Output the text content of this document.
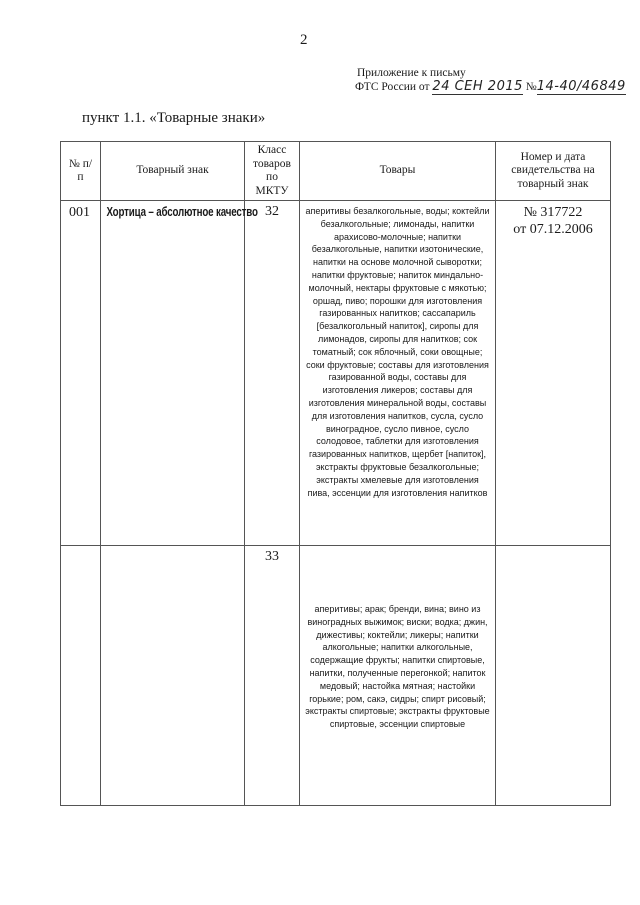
2
Приложение к письму
ФТС России от 24 СЕН 2015 №14-40/46849
пункт 1.1. «Товарные знаки»
№ п/п	Товарный знак	Класс товаров по МКТУ	Товары	Номер и дата свидетельства на товарный знак
001	Хортица – абсолютное качество	32	аперитивы безалкогольные, воды; коктейли безалкогольные; лимонады, напитки арахисово-молочные; напитки безалкогольные, напитки изотонические, напитки на основе молочной сыворотки; напитки фруктовые; напиток миндально-молочный, нектары фруктовые с мякотью; оршад, пиво; порошки для изготовления газированных напитков; сассапариль [безалкогольный напиток], сиропы для лимонадов, сиропы для напитков; сок томатный; сок яблочный, соки овощные; соки фруктовые; составы для изготовления газированной воды, составы для изготовления ликеров; составы для изготовления минеральной воды, составы для изготовления напитков, сусла, сусло виноградное, сусло пивное, сусло солодовое, таблетки для изготовления газированных напитков, щербет [напиток], экстракты фруктовые безалкогольные; экстракты хмелевые для изготовления пива, эссенции для изготовления напитков	№ 317722
от 07.12.2006

		33	аперитивы; арак; бренди, вина; вино из виноградных выжимок; виски; водка; джин, дижестивы; коктейли; ликеры; напитки алкогольные; напитки алкогольные, содержащие фрукты; напитки спиртовые, напитки, полученные перегонкой; напиток медовый; настойка мятная; настойки горькие; ром, сакэ, сидры; спирт рисовый; экстракты спиртовые; экстракты фруктовые спиртовые, эссенции спиртовые	
